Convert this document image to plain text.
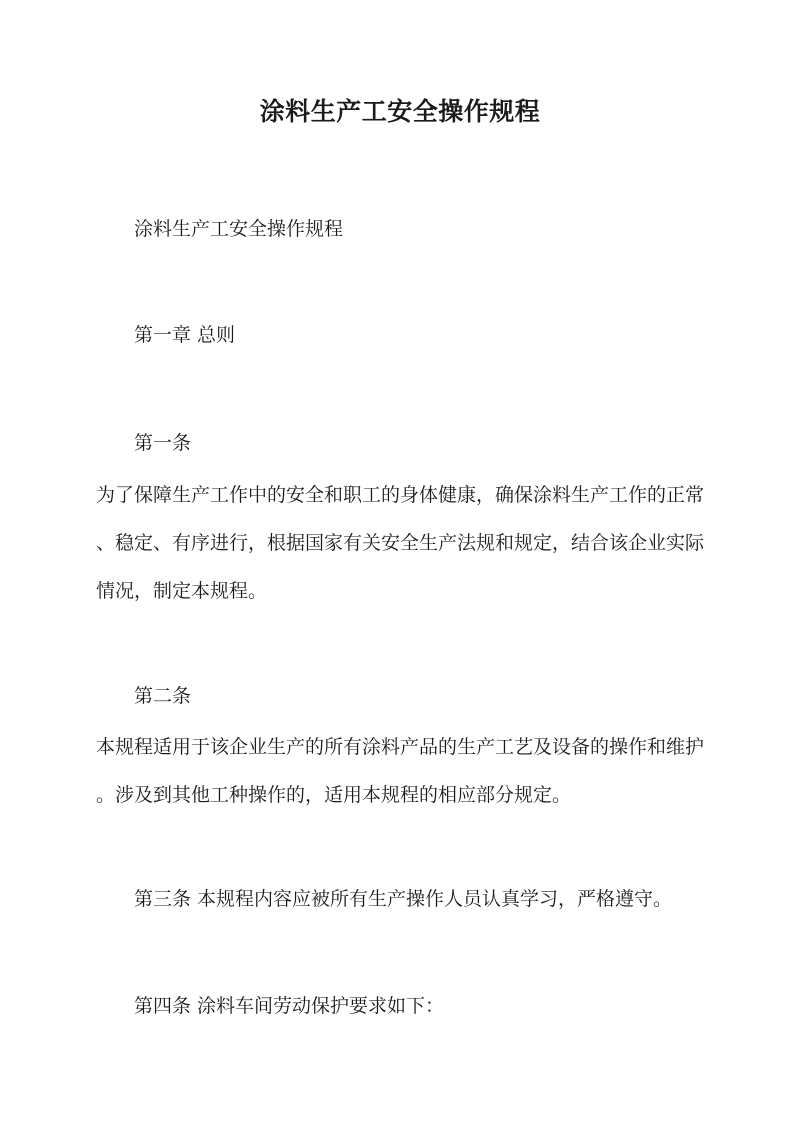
涂料生产工安全操作规程

涂料生产工安全操作规程

第一章 总则

第一条

为了保障生产工作中的安全和职工的身体健康，确保涂料生产工作的正常

、稳定、有序进行，根据国家有关安全生产法规和规定，结合该企业实际

情况，制定本规程。

第二条

本规程适用于该企业生产的所有涂料产品的生产工艺及设备的操作和维护

。涉及到其他工种操作的，适用本规程的相应部分规定。

第三条 本规程内容应被所有生产操作人员认真学习，严格遵守。

第四条 涂料车间劳动保护要求如下：
